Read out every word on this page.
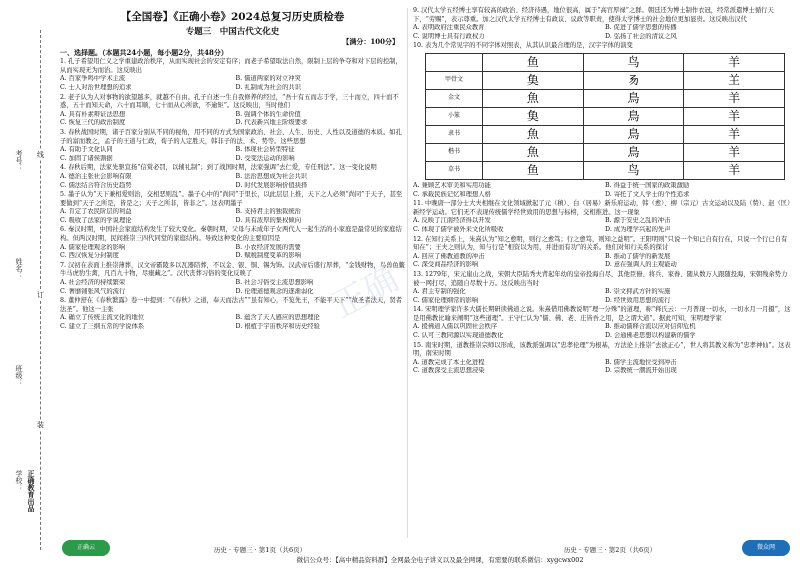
考号：
姓名：
班级：
学校： 正确教育出品
线
订
装
【全国卷】《正确小卷》2024总复习历史质检卷
专题三　中国古代文化史
【满分：100分】
一、选择题。（本题共24小题，每小题2分，共48分）
1. 孔子希望用仁义之学重建政治秩序，从而实现社会的安定有序；而老子希望取法自然，限制上层的争夺和对下层的控制，从而实现无为而治。这反映出
A. 百家争鸣中学术主流	B. 儒道两家的对立冲突
C. 士人对治世理想的追求	D. 礼制成为社会的共识
2. 老子认为人对事物的欲望越多，就越不自由。孔子自述一生自我修养的经过，“吾十有五而志于学，三十而立，四十而不惑，五十而知天命，六十而耳顺，七十而从心所欲，不逾矩”。这反映出，当时他们
A. 具有朴素辩证法思想	B. 强调个体的生命价值
C. 恢复三代的政治制度	D. 代表新兴地主阶级要求
3. 春秋战国时期，诸子百家分别从不同的视角，用不同的方式为国家政治、社会、人生、历史、人性以及道德的本质。如孔子的富而教之，孟子的王道与仁政，荀子的人定胜天，韩非子的法、术、势等。这些思想
A. 有助于文化认同	B. 体现社会转型特征
C. 加固了诸侯割据	D. 受变法运动的影响
4. 春秋后期，法家先驱宣扬“信赏必罚，以辅礼制”；到了战国时期，法家强调“去仁爱，专任刑法”。这一变化说明
A. 德治主张社会影响有限	B. 法治思想成为社会共识
C. 儒法结合符合历史趋势	D. 时代发展影响价值抉择
5. 墨子认为“天下兼相爱则治，交相恶则乱”。墨子心中的“尚同”于里长，以此层层上推，天下之人必须“尚同”于天子，甚至要做到“天子之所是，皆是之；天子之所非，皆非之”。这表明墨子
A. 肯定了农民阶层的利益	B. 支持君主的独裁统治
C. 吸收了法家的学说理论	D. 具有浓厚的集权倾向
6. 秦汉时期，中国社会家庭结构发生了较大变化。秦朝时期，父母与未成年子女两代人一起生活的小家庭是最常见的家庭结构。但两汉时期，民间推崇三四代同堂的家庭结构。导致这种变化的主要原因是
A. 儒家伦理观念的影响	B. 小农经济发展的需要
C. 西汉恢复分封制度	D. 赋税制度变革的影响
7. 汉初在表面上推崇薄葬，汉文帝霸陵多以瓦器陪葬，不以金、银、铜、锡为饰。汉武帝后盛行厚葬，“金钱财物，鸟兽鱼鳖牛马虎豹生禽，凡百九十物，尽瘗藏之”。汉代丧葬习俗的变化反映了
A. 社会经济的持续繁荣	B. 社会习俗受主流思想影响
C. 奢靡铺张风气的流行	D. 伦理道德观念的逐渐弱化
8. 董仲舒在《春秋繁露》卷一中提到：“《春秋》之道，奉天而法古”“虽有知心，不览先王，不能平天下”“故圣者法天，贤者法圣”。他这一主张
A. 确立了传统主流文化的地位	B. 蕴含了天人感应的思想理论
C. 建立了三纲五常的学说体系	D. 根植于宇宙秩序和历史经验
9. 汉代太学五经博士享有较高的政治、经济待遇，地位很高，属于“高官厚禄”之群。朝廷还为博士制作衣冠，经常派遣博士循行天下，“劳赐”，表示尊重。加之汉代太学五经博士有政议、议政等职责，使得太学博士的社会地位更加显贵。这反映出汉代
A. 表明政府注重民众教育	B. 促进了儒学思想的传播
C. 说明博士具有行政权力	D. 弘扬了社会的清议之风
10. 表为几个常见字的不同字体对照表，从其认识最合理的是，汉字字体的演变
	鱼	鸟	羊
甲骨文	𩵋	𠃓	𦍌
金文	魚	鳥	羊
小篆	𩵋	鳥	羊
隶书	魚	鳥	羊
楷书	魚	鳥	羊
草书	鱼	鸟	羊
A. 兼顾艺术审美和实用功能	B. 得益于统一国家的政策激励
C. 承载民族记忆和理想人格	D. 寄托了文人学士的个性追求
11. 中晚唐一部分士大夫相继在文化领域掀起了元（稹）、白（居易）新乐府运动，韩（愈）、柳（宗元）古文运动以及陆（贽）、赵（匡）新经学运动。它们无不表现传统儒学经世致用的思想与标榜，交相推进。这一现象
A. 反映了江南经济得以开发	B. 源于安史之乱的冲击
C. 体现了儒学被外来文化所吸收	D. 成为理学兴起的先声
12. 在知行关系上，朱熹认为“知之愈明，则行之愈笃；行之愈笃，则知之益明”。王阳明则“只说一个知已自有行在，只说一个行已自有知在”；王夫之则认为，知与行是“相资以为用，并进而有功”的关系。他们对知行关系的探讨
A. 回应了佛教道教的冲击	B. 推动了儒学的新发展
C. 深受商品经济的影响	D. 意在强调人的主观能动
13. 1279年，宋元崖山之战，宋朝大臣陆秀夫背起年幼的皇帝投海自尽，其他臣僚、将兵、家眷、随从数万人跟随投海，宋朝残余势力被一网打尽，追随自尽数十万。这反映出当时
A. 君主专制的强化	B. 崇文抑武方针的实施
C. 儒家伦理纲常的影响	D. 经世致用思想的流行
14. 宋明理学家许多大儒长期研读佛道之说。朱熹借用佛教说明“理一分殊”的道理，称“释氏云：一月普现一切水，一切水月一月摄”，这是用佛教比喻来阐明“这些道理”。王守仁认为“儒、佛、老、庄皆吾之用，是之谓大道”。据此可知，宋明理学家
A. 援佛道入儒以巩固社会秩序	B. 推动儒释合流以应对信仰危机
C. 认可三教同源以实现道德教化	D. 会通佛老思想以构建新的儒学
15. 南宋时期，道教推崇宗师以形成，该教派强调以“忠孝伦理”为根基，方法论上推崇“去欲正心”，世人将其教义称为“忠孝神仙”。这表明，南宋时期
A. 道教完成了本土化进程	B. 儒学主流地位受到冲击
C. 道教深受主流思想浸染	D. 宗教统一潮流开始出现
正确云	微众网
历史 · 专题三 · 第1页（共6页）	历史 · 专题三 · 第2页（共6页）
微信公众号：【高中精品资料群】全网最全电子讲义以及最全网课，有需要的联系微信：xygcwx002
正确
